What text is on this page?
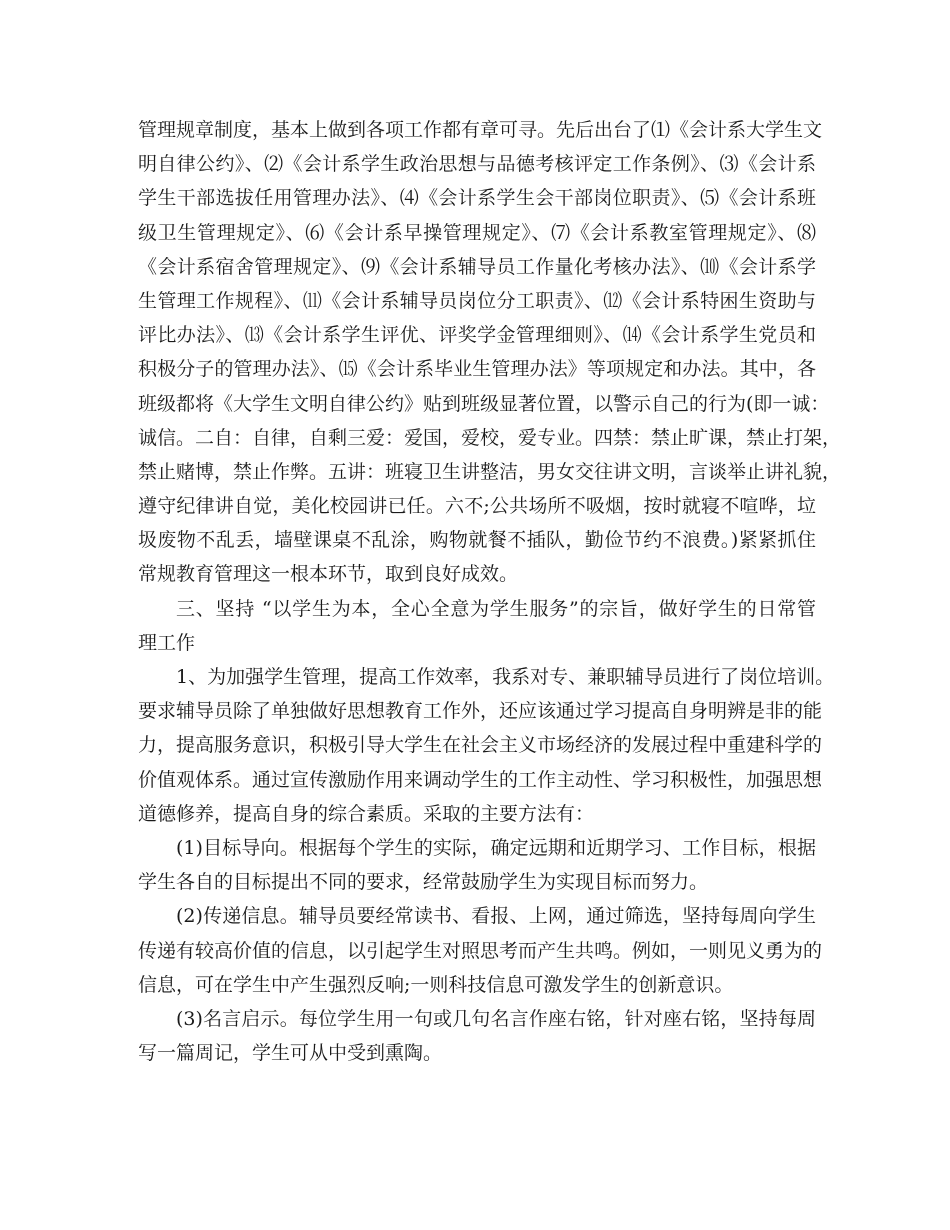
管理规章制度，基本上做到各项工作都有章可寻。先后出台了⑴《会计系大学生文
明自律公约》、⑵《会计系学生政治思想与品德考核评定工作条例》、⑶《会计系
学生干部选拔任用管理办法》、⑷《会计系学生会干部岗位职责》、⑸《会计系班
级卫生管理规定》、⑹《会计系早操管理规定》、⑺《会计系教室管理规定》、⑻
《会计系宿舍管理规定》、⑼《会计系辅导员工作量化考核办法》、⑽《会计系学
生管理工作规程》、⑾《会计系辅导员岗位分工职责》、⑿《会计系特困生资助与
评比办法》、⒀《会计系学生评优、评奖学金管理细则》、⒁《会计系学生党员和
积极分子的管理办法》、⒂《会计系毕业生管理办法》等项规定和办法。其中，各
班级都将《大学生文明自律公约》贴到班级显著位置，以警示自己的行为(即一诚：
诚信。二自：自律，自剩三爱：爱国，爱校，爱专业。四禁：禁止旷课，禁止打架，
禁止赌博，禁止作弊。五讲：班寝卫生讲整洁，男女交往讲文明，言谈举止讲礼貌，
遵守纪律讲自觉，美化校园讲已任。六不;公共场所不吸烟，按时就寝不喧哗，垃
圾废物不乱丢，墙壁课桌不乱涂，购物就餐不插队，勤俭节约不浪费。)紧紧抓住
常规教育管理这一根本环节，取到良好成效。
三、坚持 “以学生为本，全心全意为学生服务”的宗旨，做好学生的日常管
理工作
1、为加强学生管理，提高工作效率，我系对专、兼职辅导员进行了岗位培训。
要求辅导员除了单独做好思想教育工作外，还应该通过学习提高自身明辨是非的能
力，提高服务意识，积极引导大学生在社会主义市场经济的发展过程中重建科学的
价值观体系。通过宣传激励作用来调动学生的工作主动性、学习积极性，加强思想
道德修养，提高自身的综合素质。采取的主要方法有：
(1)目标导向。根据每个学生的实际，确定远期和近期学习、工作目标，根据
学生各自的目标提出不同的要求，经常鼓励学生为实现目标而努力。
(2)传递信息。辅导员要经常读书、看报、上网，通过筛选，坚持每周向学生
传递有较高价值的信息，以引起学生对照思考而产生共鸣。例如，一则见义勇为的
信息，可在学生中产生强烈反响;一则科技信息可激发学生的创新意识。
(3)名言启示。每位学生用一句或几句名言作座右铭，针对座右铭，坚持每周
写一篇周记，学生可从中受到熏陶。
